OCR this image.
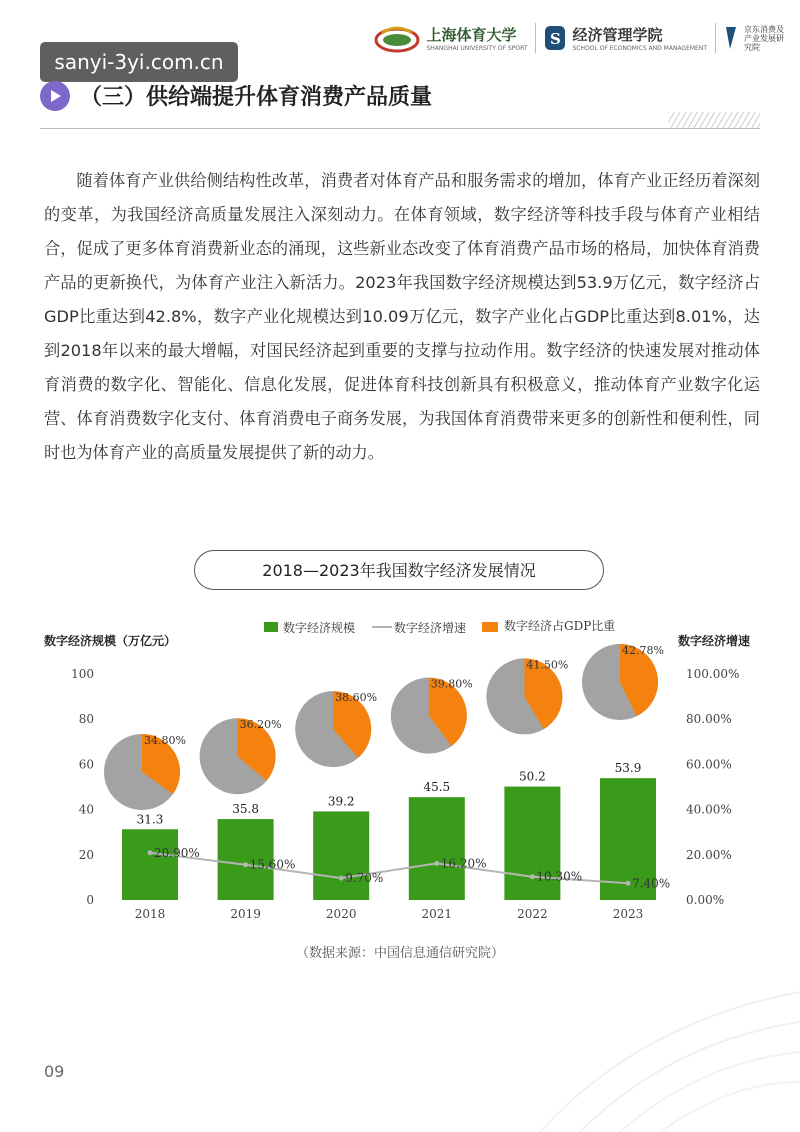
上海体育大学
SHANGHAI UNIVERSITY OF SPORT
S 经济管理学院
SCHOOL OF ECONOMICS AND MANAGEMENT
京东消费及产业发展研究院
sanyi-3yi.com.cn
（三）供给端提升体育消费产品质量

随着体育产业供给侧结构性改革，消费者对体育产品和服务需求的增加，体育产业正经历着深刻的变革，为我国经济高质量发展注入深刻动力。在体育领域，数字经济等科技手段与体育产业相结合，促成了更多体育消费新业态的涌现，这些新业态改变了体育消费产品市场的格局，加快体育消费产品的更新换代，为体育产业注入新活力。2023年我国数字经济规模达到53.9万亿元，数字经济占GDP比重达到42.8%，数字产业化规模达到10.09万亿元，数字产业化占GDP比重达到8.01%，达到2018年以来的最大增幅，对国民经济起到重要的支撑与拉动作用。数字经济的快速发展对推动体育消费的数字化、智能化、信息化发展，促进体育科技创新具有积极意义，推动体育产业数字化运营、体育消费数字化支付、体育消费电子商务发展，为我国体育消费带来更多的创新性和便利性，同时也为体育产业的高质量发展提供了新的动力。

2018—2023年我国数字经济发展情况
数字经济规模	数字经济增速	数字经济占GDP比重
数字经济规模（万亿元）	数字经济增速
0
20
40
60
80
100
0.00%
20.00%
40.00%
60.00%
80.00%
100.00%
31.3
35.8
39.2
45.5
50.2
53.9
20.90%
15.60%
9.70%
16.20%
10.30%	7.40%
34.80%
36.20%
38.60%
39.80%
41.50%
42.78%
2018	2019	2020	2021	2022	2023
（数据来源：中国信息通信研究院）
09
